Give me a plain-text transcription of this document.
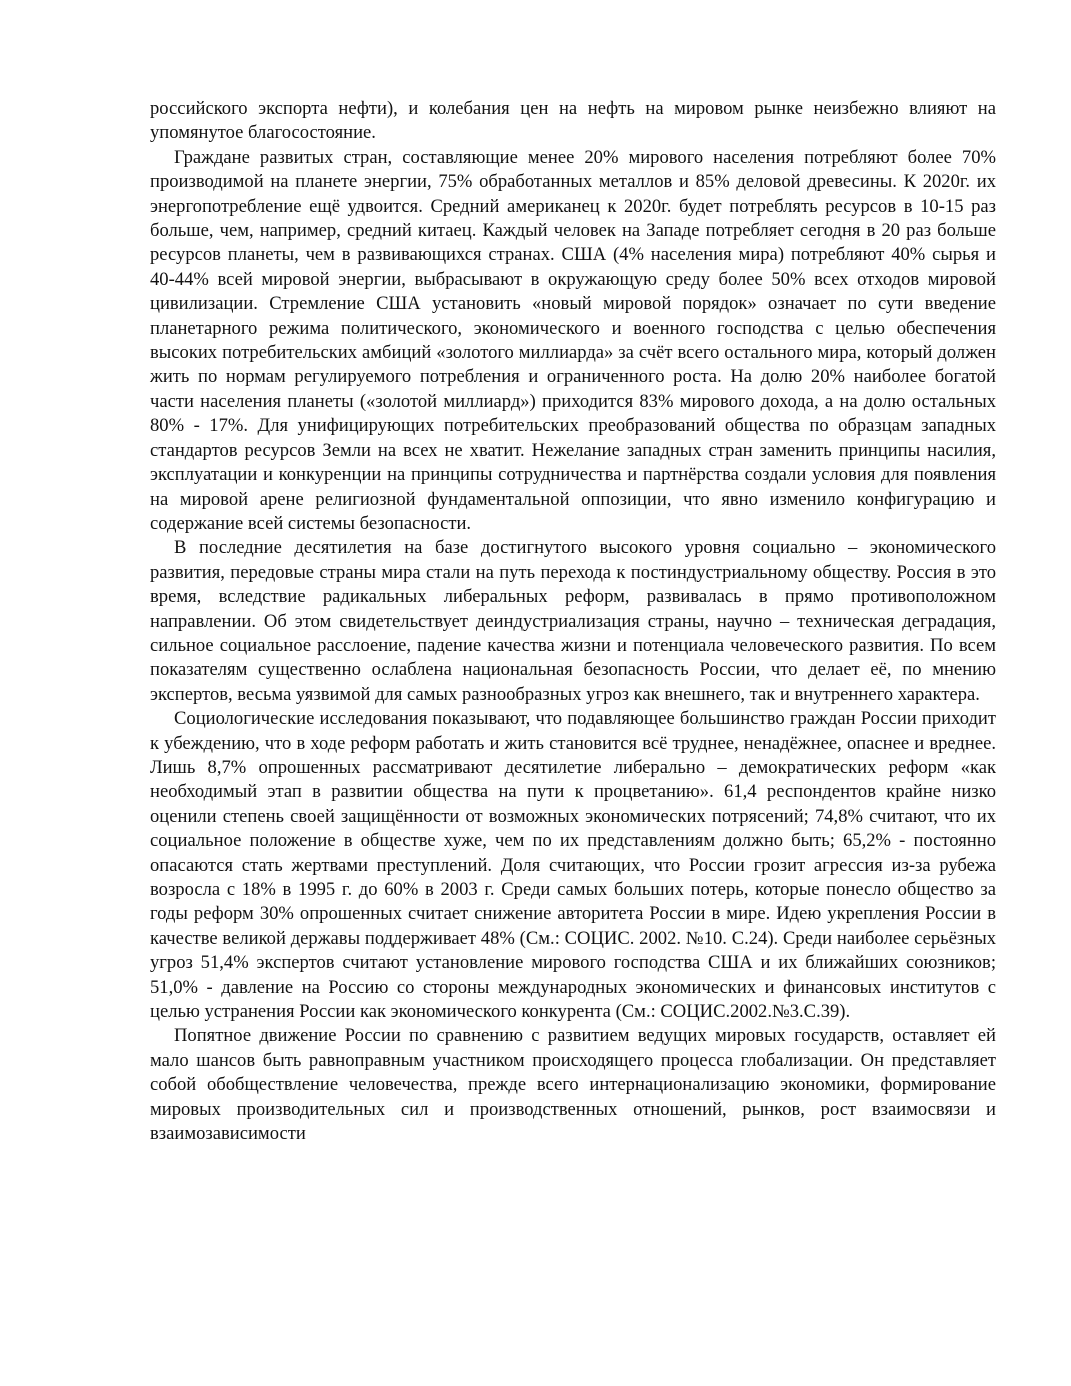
российского экспорта нефти), и колебания цен на нефть на мировом рынке неизбежно влияют на упомянутое благосостояние.

Граждане развитых стран, составляющие менее 20% мирового населения потребляют более 70% производимой на планете энергии, 75% обработанных металлов и 85% деловой древесины. К 2020г. их энергопотребление ещё удвоится. Средний американец к 2020г. будет потреблять ресурсов в 10-15 раз больше, чем, например, средний китаец. Каждый человек на Западе потребляет сегодня в 20 раз больше ресурсов планеты, чем в развивающихся странах. США (4% населения мира) потребляют 40% сырья и 40-44% всей мировой энергии, выбрасывают в окружающую среду более 50% всех отходов мировой цивилизации. Стремление США установить «новый мировой порядок» означает по сути введение планетарного режима политического, экономического и военного господства с целью обеспечения высоких потребительских амбиций «золотого миллиарда» за счёт всего остального мира, который должен жить по нормам регулируемого потребления и ограниченного роста. На долю 20% наиболее богатой части населения планеты («золотой миллиард») приходится 83% мирового дохода, а на долю остальных 80% - 17%. Для унифицирующих потребительских преобразований общества по образцам западных стандартов ресурсов Земли на всех не хватит. Нежелание западных стран заменить принципы насилия, эксплуатации и конкуренции на принципы сотрудничества и партнёрства создали условия для появления на мировой арене религиозной фундаментальной оппозиции, что явно изменило конфигурацию и содержание всей системы безопасности.

В последние десятилетия на базе достигнутого высокого уровня социально – экономического развития, передовые страны мира стали на путь перехода к постиндустриальному обществу. Россия в это время, вследствие радикальных либеральных реформ, развивалась в прямо противоположном направлении. Об этом свидетельствует деиндустриализация страны, научно – техническая деградация, сильное социальное расслоение, падение качества жизни и потенциала человеческого развития. По всем показателям существенно ослаблена национальная безопасность России, что делает её, по мнению экспертов, весьма уязвимой для самых разнообразных угроз как внешнего, так и внутреннего характера.

Социологические исследования показывают, что подавляющее большинство граждан России приходит к убеждению, что в ходе реформ работать и жить становится всё труднее, ненадёжнее, опаснее и вреднее. Лишь 8,7% опрошенных рассматривают десятилетие либерально – демократических реформ «как необходимый этап в развитии общества на пути к процветанию». 61,4 респондентов крайне низко оценили степень своей защищённости от возможных экономических потрясений; 74,8% считают, что их социальное положение в обществе хуже, чем по их представлениям должно быть; 65,2% - постоянно опасаются стать жертвами преступлений. Доля считающих, что России грозит агрессия из-за рубежа возросла с 18% в 1995 г. до 60% в 2003 г. Среди самых больших потерь, которые понесло общество за годы реформ 30% опрошенных считает снижение авторитета России в мире. Идею укрепления России в качестве великой державы поддерживает 48% (См.: СОЦИС. 2002. №10. С.24). Среди наиболее серьёзных угроз 51,4% экспертов считают установление мирового господства США и их ближайших союзников; 51,0% - давление на Россию со стороны международных экономических и финансовых институтов с целью устранения России как экономического конкурента (См.: СОЦИС.2002.№3.С.39).

Попятное движение России по сравнению с развитием ведущих мировых государств, оставляет ей мало шансов быть равноправным участником происходящего процесса глобализации. Он представляет собой обобществление человечества, прежде всего интернационализацию экономики, формирование мировых производительных сил и производственных отношений, рынков, рост взаимосвязи и взаимозависимости
